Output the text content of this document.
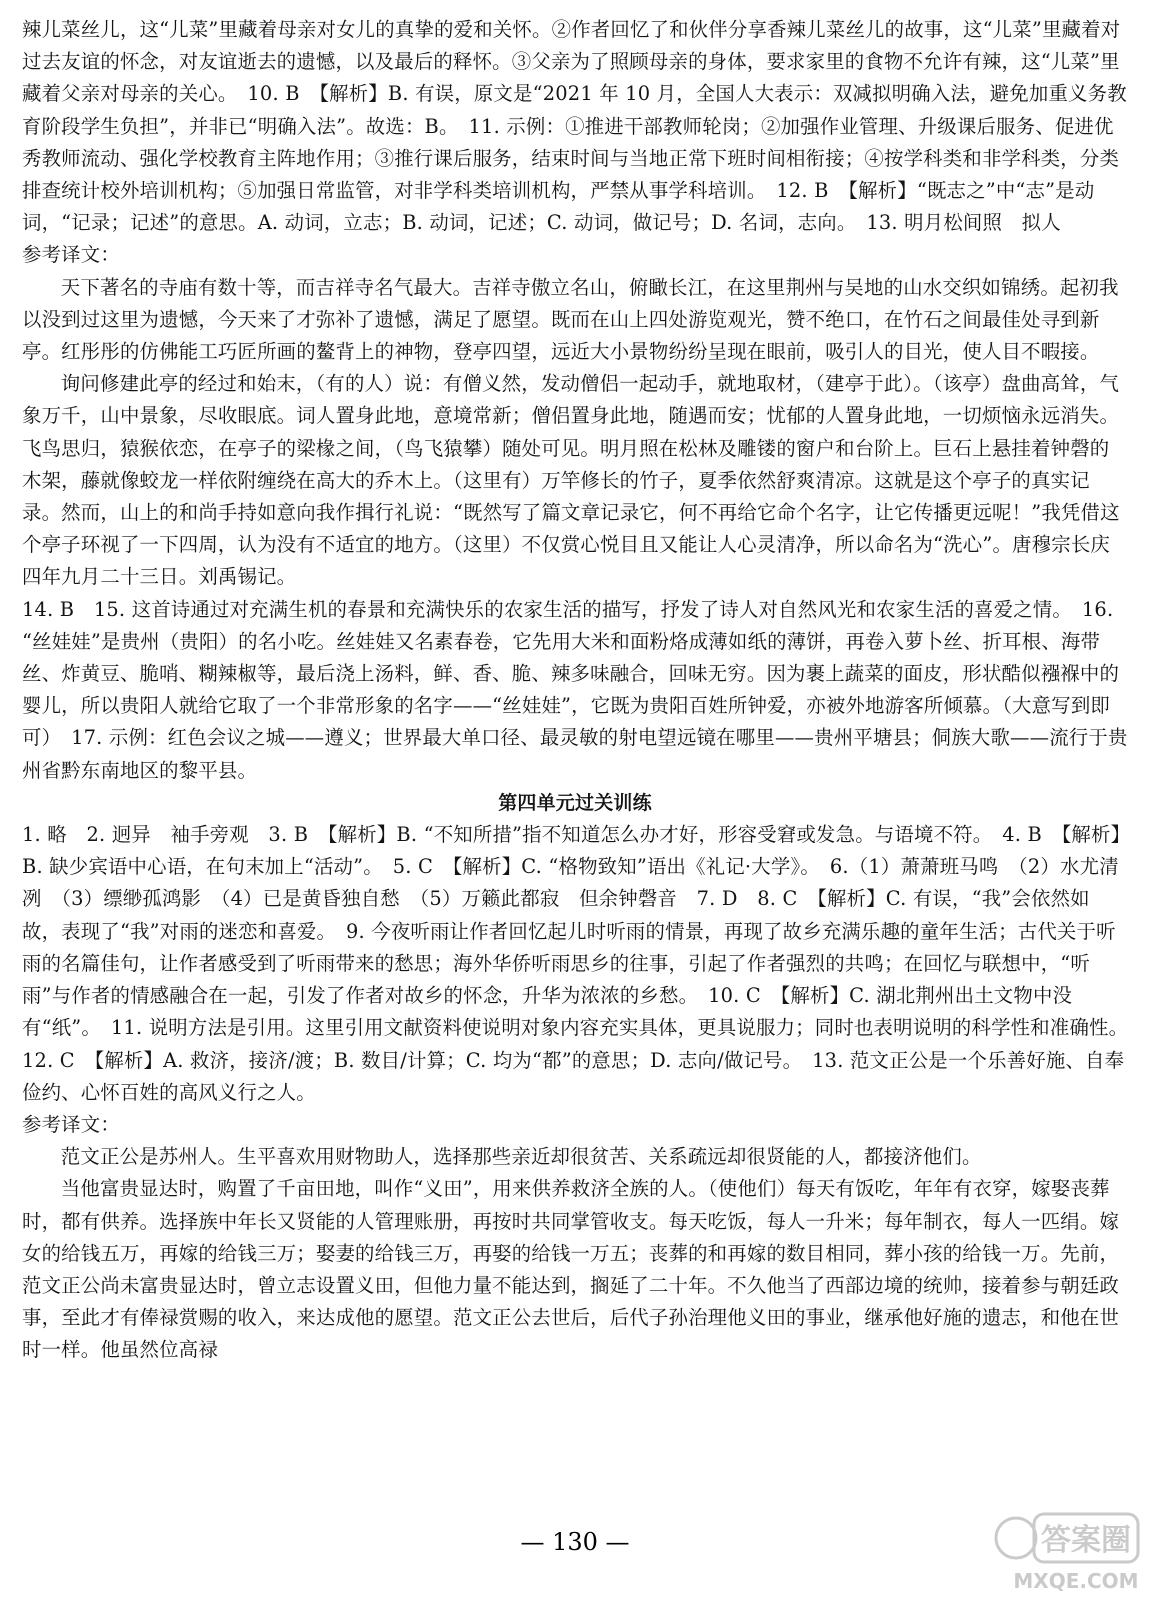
辣儿菜丝儿，这“儿菜”里藏着母亲对女儿的真挚的爱和关怀。②作者回忆了和伙伴分享香辣儿菜丝儿的故事，这“儿菜”里藏着对过去友谊的怀念，对友谊逝去的遗憾，以及最后的释怀。③父亲为了照顾母亲的身体，要求家里的食物不允许有辣，这“儿菜”里藏着父亲对母亲的关心。　10. B　【解析】B. 有误，原文是“2021 年 10 月，全国人大表示：双减拟明确入法，避免加重义务教育阶段学生负担”，并非已“明确入法”。故选：B。　11. 示例：①推进干部教师轮岗；②加强作业管理、升级课后服务、促进优秀教师流动、强化学校教育主阵地作用；③推行课后服务，结束时间与当地正常下班时间相衔接；④按学科类和非学科类，分类排查统计校外培训机构；⑤加强日常监管，对非学科类培训机构，严禁从事学科培训。　12. B　【解析】“既志之”中“志”是动词，“记录；记述”的意思。A. 动词，立志；B. 动词，记述；C. 动词，做记号；D. 名词，志向。　13. 明月松间照　拟人

参考译文：

天下著名的寺庙有数十等，而吉祥寺名气最大。吉祥寺傲立名山，俯瞰长江，在这里荆州与吴地的山水交织如锦绣。起初我以没到过这里为遗憾，今天来了才弥补了遗憾，满足了愿望。既而在山上四处游览观光，赞不绝口，在竹石之间最佳处寻到新亭。红彤彤的仿佛能工巧匠所画的鳌背上的神物，登亭四望，远近大小景物纷纷呈现在眼前，吸引人的目光，使人目不暇接。

询问修建此亭的经过和始末，（有的人）说：有僧义然，发动僧侣一起动手，就地取材，（建亭于此）。（该亭）盘曲高耸，气象万千，山中景象，尽收眼底。词人置身此地，意境常新；僧侣置身此地，随遇而安；忧郁的人置身此地，一切烦恼永远消失。飞鸟思归，猿猴依恋，在亭子的梁椽之间，（鸟飞猿攀）随处可见。明月照在松林及雕镂的窗户和台阶上。巨石上悬挂着钟磬的木架，藤就像蛟龙一样依附缠绕在高大的乔木上。（这里有）万竿修长的竹子，夏季依然舒爽清凉。这就是这个亭子的真实记录。然而，山上的和尚手持如意向我作揖行礼说：“既然写了篇文章记录它，何不再给它命个名字，让它传播更远呢！”我凭借这个亭子环视了一下四周，认为没有不适宜的地方。（这里）不仅赏心悦目且又能让人心灵清净，所以命名为“洗心”。唐穆宗长庆四年九月二十三日。刘禹锡记。

14. B　15. 这首诗通过对充满生机的春景和充满快乐的农家生活的描写，抒发了诗人对自然风光和农家生活的喜爱之情。　16. “丝娃娃”是贵州（贵阳）的名小吃。丝娃娃又名素春卷，它先用大米和面粉烙成薄如纸的薄饼，再卷入萝卜丝、折耳根、海带丝、炸黄豆、脆哨、糊辣椒等，最后浇上汤料，鲜、香、脆、辣多味融合，回味无穷。因为裹上蔬菜的面皮，形状酷似襁褓中的婴儿，所以贵阳人就给它取了一个非常形象的名字——“丝娃娃”，它既为贵阳百姓所钟爱，亦被外地游客所倾慕。（大意写到即可）　17. 示例：红色会议之城——遵义；世界最大单口径、最灵敏的射电望远镜在哪里——贵州平塘县；侗族大歌——流行于贵州省黔东南地区的黎平县。

第四单元过关训练

1. 略　2. 迥异　袖手旁观　3. B　【解析】B. “不知所措”指不知道怎么办才好，形容受窘或发急。与语境不符。　4. B　【解析】B. 缺少宾语中心语，在句末加上“活动”。　5. C　【解析】C. “格物致知”语出《礼记·大学》。　6.（1）萧萧班马鸣　（2）水尤清冽　（3）缥缈孤鸿影　（4）已是黄昏独自愁　（5）万籁此都寂　但余钟磬音　7. D　8. C　【解析】C. 有误，“我”会依然如故，表现了“我”对雨的迷恋和喜爱。　9. 今夜听雨让作者回忆起儿时听雨的情景，再现了故乡充满乐趣的童年生活；古代关于听雨的名篇佳句，让作者感受到了听雨带来的愁思；海外华侨听雨思乡的往事，引起了作者强烈的共鸣；在回忆与联想中，“听雨”与作者的情感融合在一起，引发了作者对故乡的怀念，升华为浓浓的乡愁。　10. C　【解析】C. 湖北荆州出土文物中没有“纸”。　11. 说明方法是引用。这里引用文献资料使说明对象内容充实具体，更具说服力；同时也表明说明的科学性和准确性。　12. C　【解析】A. 救济，接济/渡；B. 数目/计算；C. 均为“都”的意思；D. 志向/做记号。　13. 范文正公是一个乐善好施、自奉俭约、心怀百姓的高风义行之人。

参考译文：

范文正公是苏州人。生平喜欢用财物助人，选择那些亲近却很贫苦、关系疏远却很贤能的人，都接济他们。

当他富贵显达时，购置了千亩田地，叫作“义田”，用来供养救济全族的人。（使他们）每天有饭吃，年年有衣穿，嫁娶丧葬时，都有供养。选择族中年长又贤能的人管理账册，再按时共同掌管收支。每天吃饭，每人一升米；每年制衣，每人一匹绢。嫁女的给钱五万，再嫁的给钱三万；娶妻的给钱三万，再娶的给钱一万五；丧葬的和再嫁的数目相同，葬小孩的给钱一万。先前，范文正公尚未富贵显达时，曾立志设置义田，但他力量不能达到，搁延了二十年。不久他当了西部边境的统帅，接着参与朝廷政事，至此才有俸禄赏赐的收入，来达成他的愿望。范文正公去世后，后代子孙治理他义田的事业，继承他好施的遗志，和他在世时一样。他虽然位高禄

— 130 —	答案圈
MXQE.COM
